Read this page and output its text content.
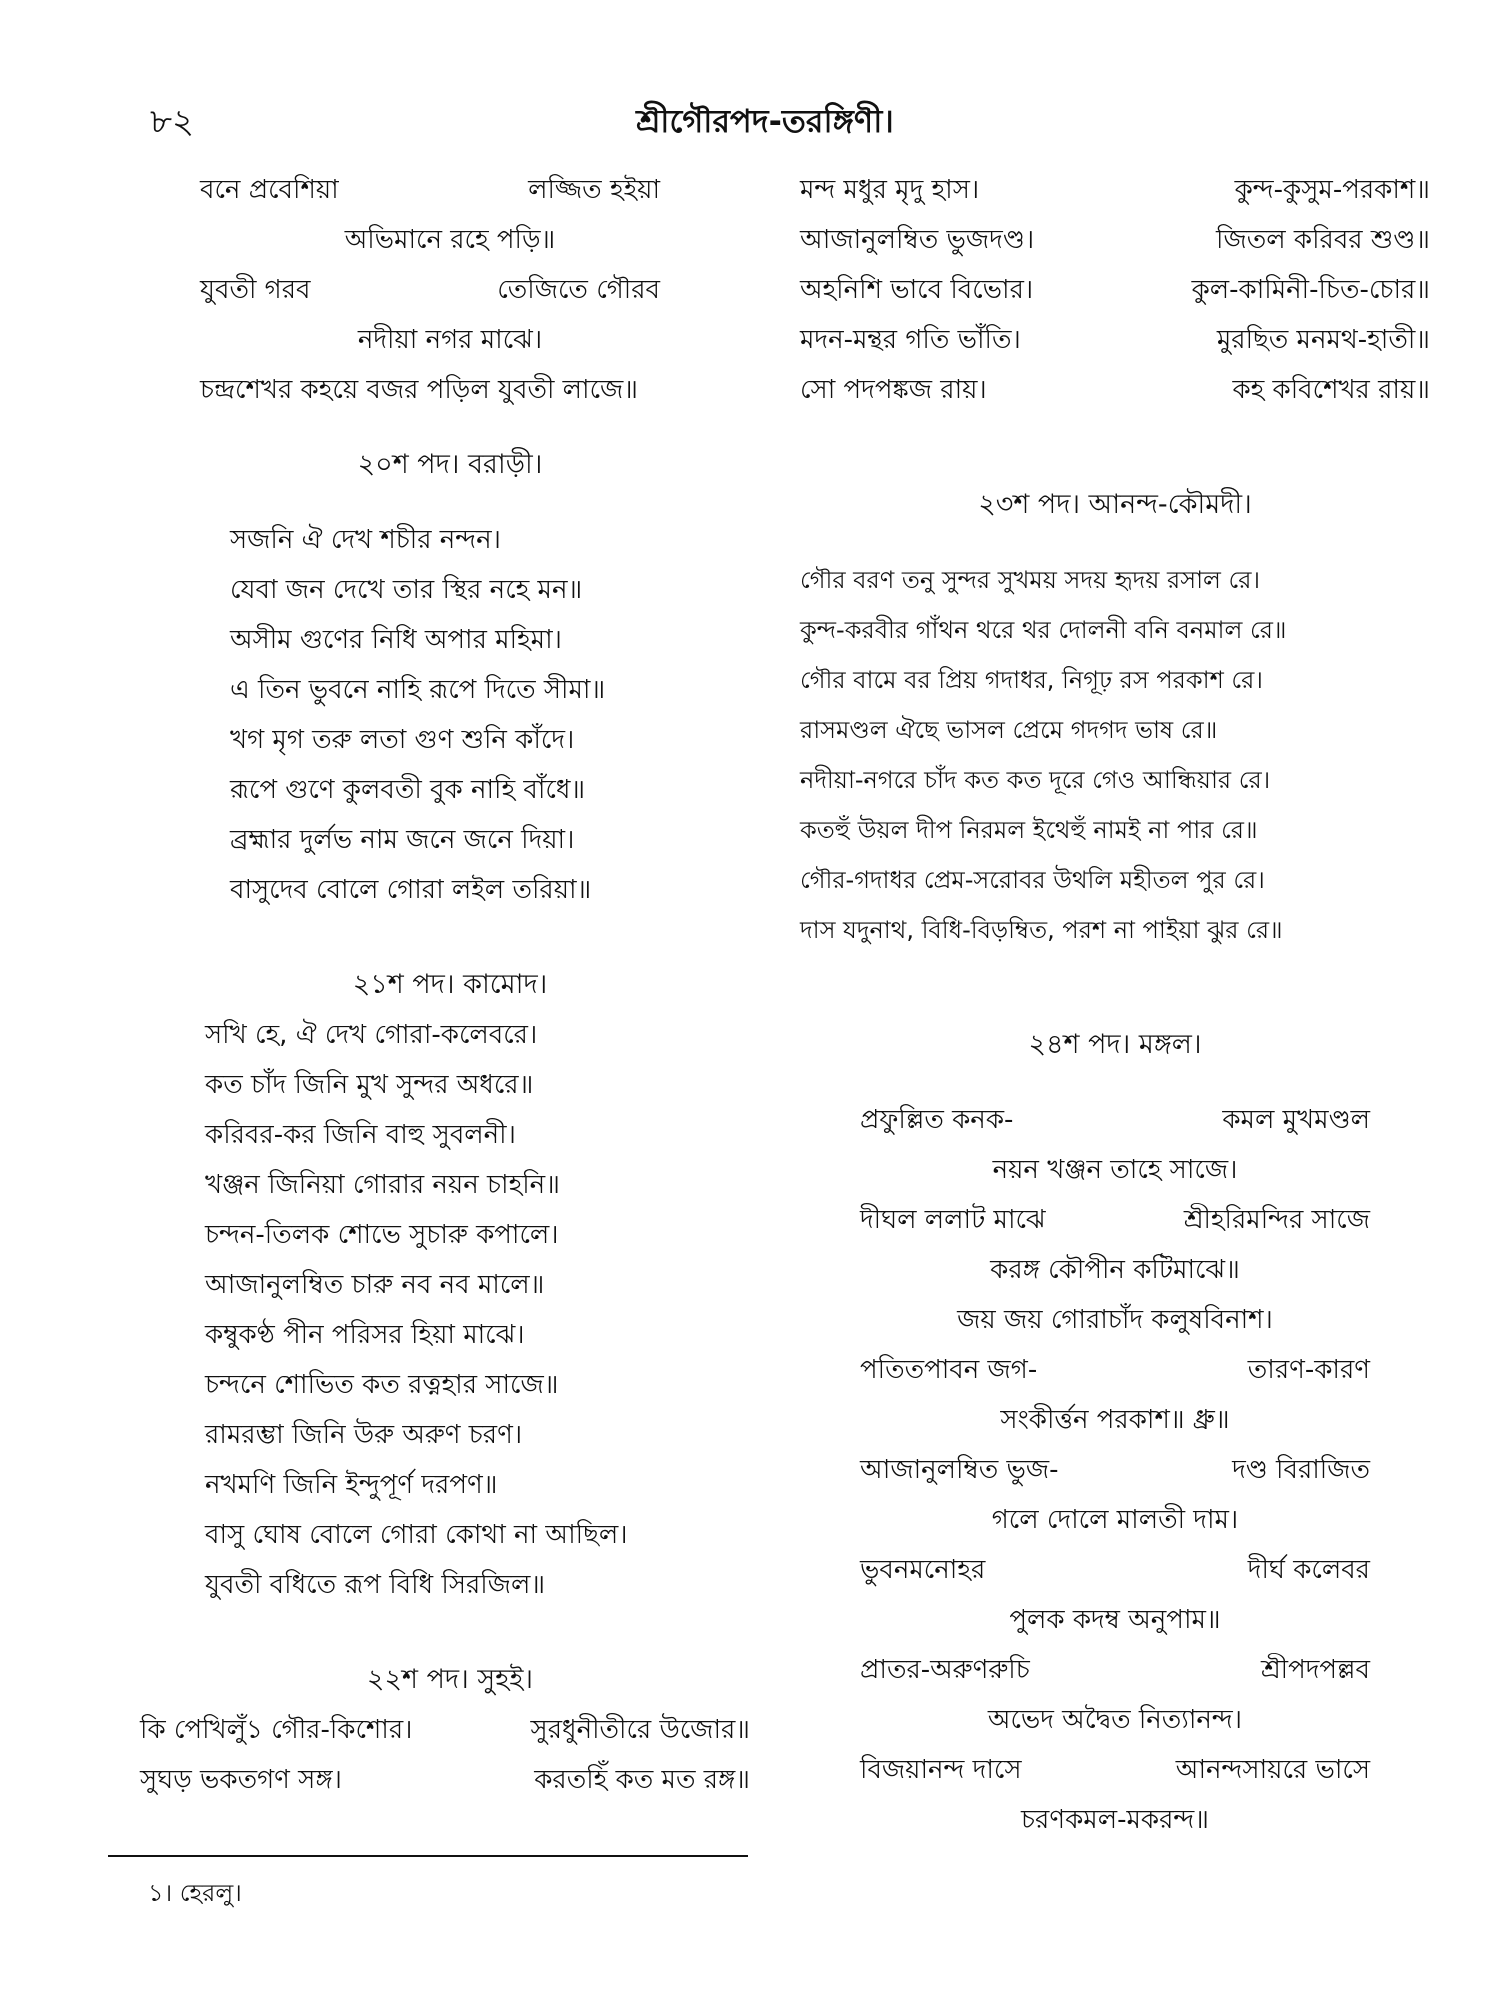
৮২	শ্রীগৌরপদ-তরঙ্গিণী।
বনে প্রবেশিয়া	লজ্জিত হইয়া
অভিমানে রহে পড়ি॥
যুবতী গরব	তেজিতে গৌরব
নদীয়া নগর মাঝে।
চন্দ্রশেখর কহয়ে বজর পড়িল যুবতী লাজে॥
২০শ পদ। বরাড়ী।
সজনি ঐ দেখ শচীর নন্দন।
যেবা জন দেখে তার স্থির নহে মন॥
অসীম গুণের নিধি অপার মহিমা।
এ তিন ভুবনে নাহি রূপে দিতে সীমা॥
খগ মৃগ তরু লতা গুণ শুনি কাঁদে।
রূপে গুণে কুলবতী বুক নাহি বাঁধে॥
ব্রহ্মার দুর্লভ নাম জনে জনে দিয়া।
বাসুদেব বোলে গোরা লইল তরিয়া॥
২১শ পদ। কামোদ।
সখি হে, ঐ দেখ গোরা-কলেবরে।
কত চাঁদ জিনি মুখ সুন্দর অধরে॥
করিবর-কর জিনি বাহু সুবলনী।
খঞ্জন জিনিয়া গোরার নয়ন চাহনি॥
চন্দন-তিলক শোভে সুচারু কপালে।
আজানুলম্বিত চারু নব নব মালে॥
কম্বুকণ্ঠ পীন পরিসর হিয়া মাঝে।
চন্দনে শোভিত কত রত্নহার সাজে॥
রামরম্ভা জিনি উরু অরুণ চরণ।
নখমণি জিনি ইন্দুপূর্ণ দরপণ॥
বাসু ঘোষ বোলে গোরা কোথা না আছিল।
যুবতী বধিতে রূপ বিধি সিরজিল॥
২২শ পদ। সুহই।
কি পেখিলুঁ১ গৌর-কিশোর।	সুরধুনীতীরে উজোর॥
সুঘড় ভকতগণ সঙ্গ।	করতহিঁ কত মত রঙ্গ॥
১। হেরলু।
মন্দ মধুর মৃদু হাস।	কুন্দ-কুসুম-পরকাশ॥
আজানুলম্বিত ভুজদণ্ড।	জিতল করিবর শুণ্ড॥
অহনিশি ভাবে বিভোর।	কুল-কামিনী-চিত-চোর॥
মদন-মন্থর গতি ভাঁতি।	মুরছিত মনমথ-হাতী॥
সো পদপঙ্কজ রায়।	কহ কবিশেখর রায়॥
২৩শ পদ। আনন্দ-কৌমদী।
গৌর বরণ তনু সুন্দর সুখময় সদয় হৃদয় রসাল রে।
কুন্দ-করবীর গাঁথন থরে থর দোলনী বনি বনমাল রে॥
গৌর বামে বর প্রিয় গদাধর, নিগূঢ় রস পরকাশ রে।
রাসমণ্ডল ঐছে ভাসল প্রেমে গদগদ ভাষ রে॥
নদীয়া-নগরে চাঁদ কত কত দূরে গেও আন্ধিয়ার রে।
কতহুঁ উয়ল দীপ নিরমল ইথেহুঁ নামই না পার রে॥
গৌর-গদাধর প্রেম-সরোবর উথলি মহীতল পুর রে।
দাস যদুনাথ, বিধি-বিড়ম্বিত, পরশ না পাইয়া ঝুর রে॥
২৪শ পদ। মঙ্গল।
প্রফুল্লিত কনক-	কমল মুখমণ্ডল
নয়ন খঞ্জন তাহে সাজে।
দীঘল ললাট মাঝে	শ্রীহরিমন্দির সাজে
করঙ্গ কৌপীন কটিমাঝে॥
জয় জয় গোরাচাঁদ কলুষবিনাশ।
পতিতপাবন জগ-	তারণ-কারণ
সংকীর্ত্তন পরকাশ॥ ধ্রু॥
আজানুলম্বিত ভুজ-	দণ্ড বিরাজিত
গলে দোলে মালতী দাম।
ভুবনমনোহর	দীর্ঘ কলেবর
পুলক কদম্ব অনুপাম॥
প্রাতর-অরুণরুচি	শ্রীপদপল্লব
অভেদ অদ্বৈত নিত্যানন্দ।
বিজয়ানন্দ দাসে	আনন্দসায়রে ভাসে
চরণকমল-মকরন্দ॥
